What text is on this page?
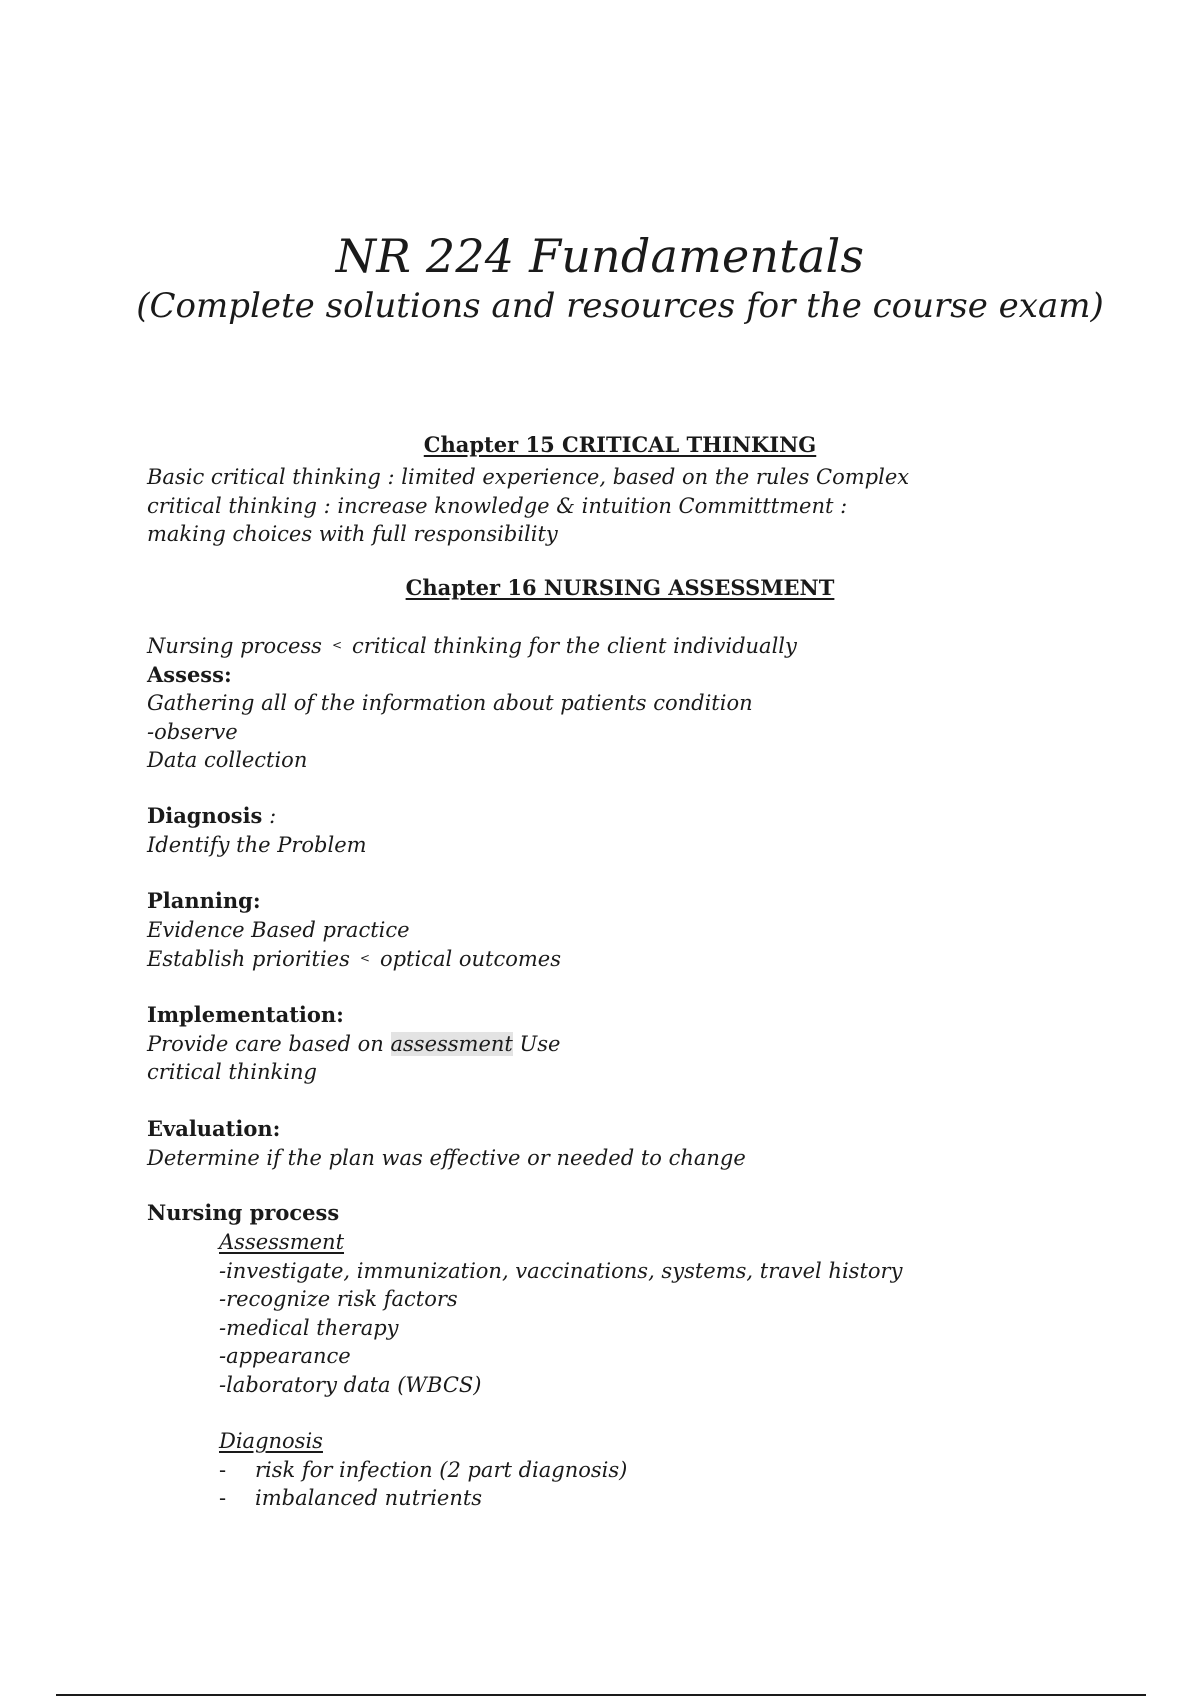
NR 224 Fundamentals
(Complete solutions and resources for the course exam)
Chapter 15 CRITICAL THINKING
Basic critical thinking : limited experience, based on the rules Complex
critical thinking : increase knowledge & intuition Committtment :
making choices with full responsibility
Chapter 16 NURSING ASSESSMENT
Nursing process < critical thinking for the client individually
Assess:
Gathering all of the information about patients condition
-observe
Data collection
Diagnosis :
Identify the Problem
Planning:
Evidence Based practice
Establish priorities < optical outcomes
Implementation:
Provide care based on assessment Use
critical thinking
Evaluation:
Determine if the plan was effective or needed to change
Nursing process
Assessment
-investigate, immunization, vaccinations, systems, travel history
-recognize risk factors
-medical therapy
-appearance
-laboratory data (WBCS)
Diagnosis
-	risk for infection (2 part diagnosis)
-	imbalanced nutrients
